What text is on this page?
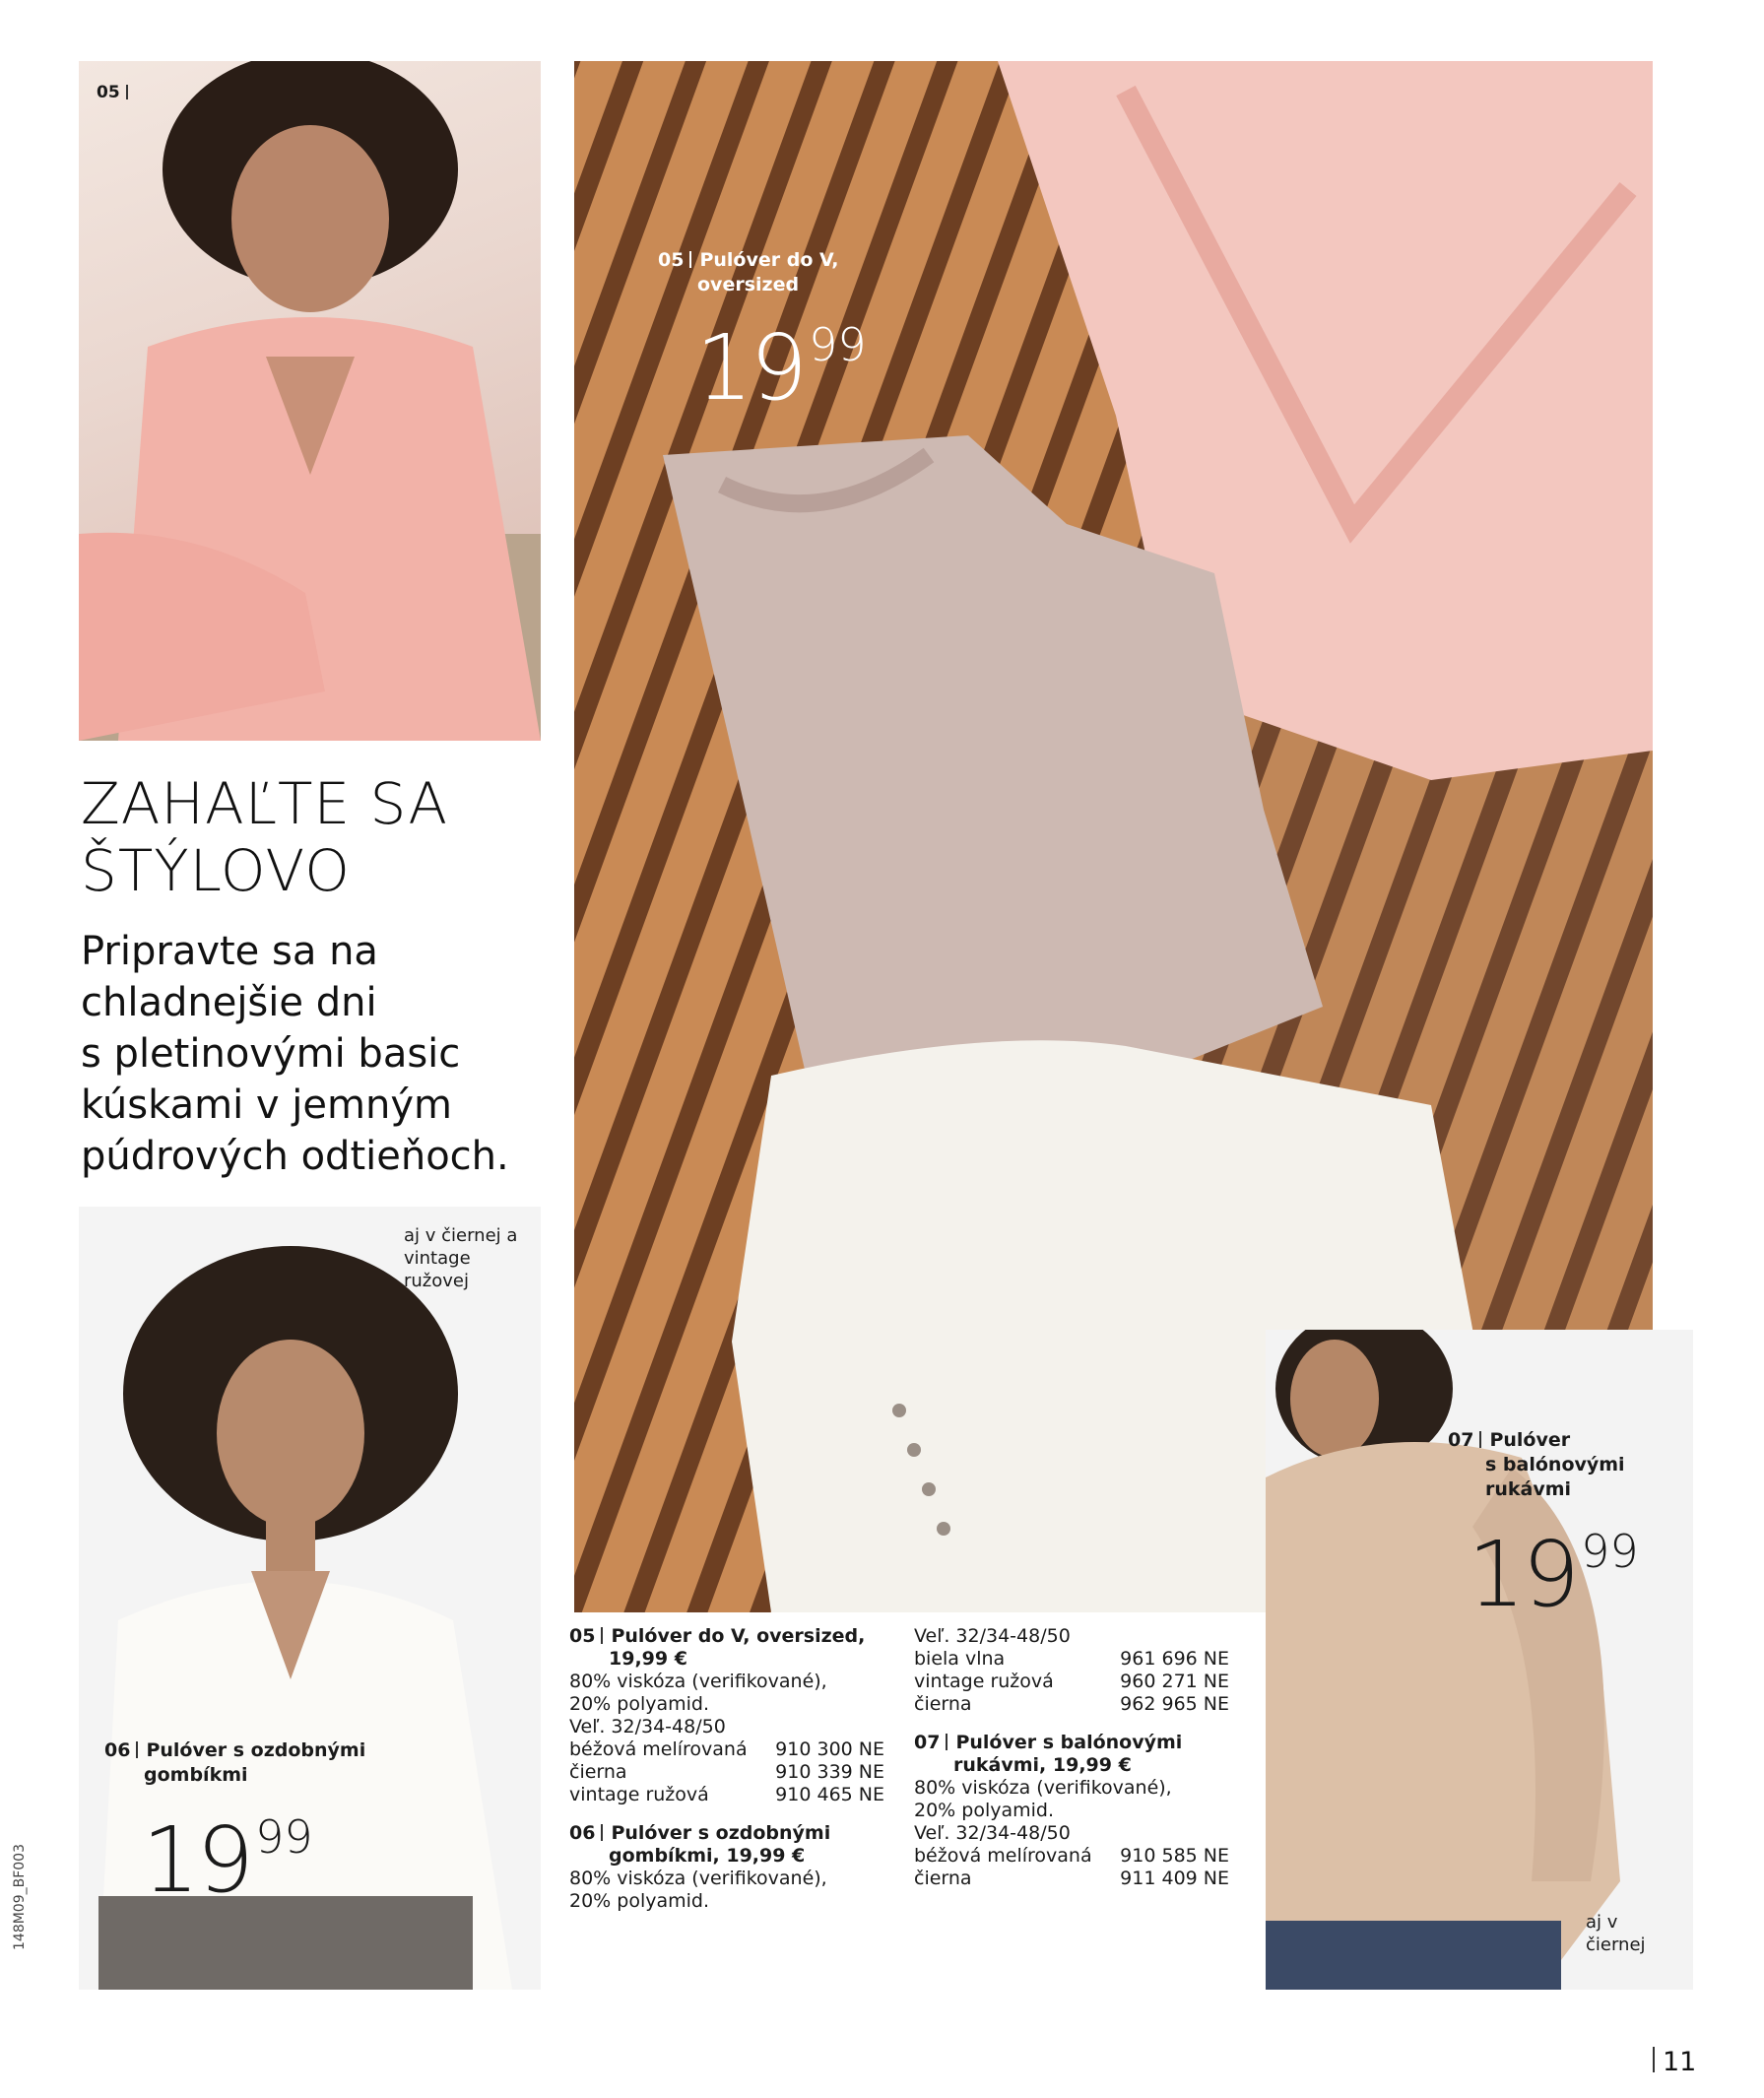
05
ZAHAĽTE SA
ŠTÝLOVO
Pripravte sa na
chladnejšie dni
s pletinovými basic
kúskami v jemným
púdrových odtieňoch.
05 Pulóver do V,
oversized
$19^{99}$
aj v čiernej a
vintage
ružovej
06 Pulóver s ozdobnými
gombíkmi
$19^{99}$
07 Pulóver
s balónovými
rukávmi
$19^{99}$
aj v
čiernej
05 Pulóver do V, oversized,
19,99 €
80% viskóza (verifikované),
20% polyamid.
Veľ. 32/34-48/50
béžová melírovaná 910 300 NE
čierna	910 339 NE
vintage ružová	910 465 NE
06 Pulóver s ozdobnými
gombíkmi, 19,99 €
80% viskóza (verifikované),
20% polyamid.
Veľ. 32/34-48/50
biela vlna	961 696 NE
vintage ružová	960 271 NE
čierna	962 965 NE
07 Pulóver s balónovými
rukávmi, 19,99 €
80% viskóza (verifikované),
20% polyamid.
Veľ. 32/34-48/50
béžová melírovaná 910 585 NE
čierna	911 409 NE
148M09_BF003
11
